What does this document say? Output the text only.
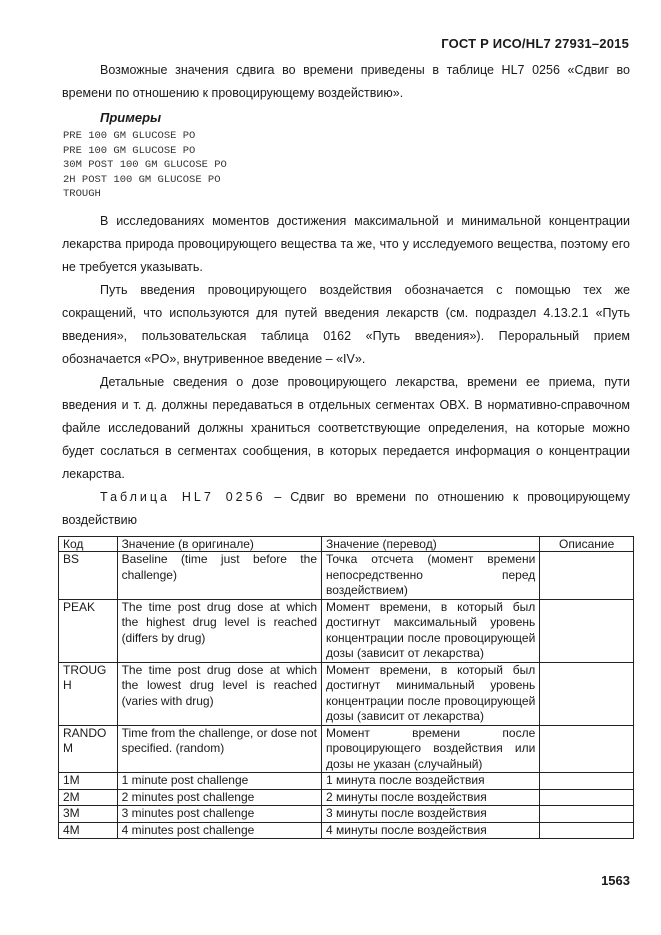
ГОСТ Р ИСО/HL7 27931–2015

Возможные значения сдвига во времени приведены в таблице HL7 0256 «Сдвиг во времени по отношению к провоцирующему воздействию».

Примеры
PRE 100 GM GLUCOSE PO
PRE 100 GM GLUCOSE PO
30M POST 100 GM GLUCOSE PO
2H POST 100 GM GLUCOSE PO
TROUGH

В исследованиях моментов достижения максимальной и минимальной концентрации лекарства природа провоцирующего вещества та же, что у исследуемого вещества, поэтому его не требуется указывать.

Путь введения провоцирующего воздействия обозначается с помощью тех же сокращений, что используются для путей введения лекарств (см. подраздел 4.13.2.1 «Путь введения», пользовательская таблица 0162 «Путь введения»). Пероральный прием обозначается «PO», внутривенное введение – «IV».

Детальные сведения о дозе провоцирующего лекарства, времени ее приема, пути введения и т. д. должны передаваться в отдельных сегментах OBX. В нормативно-справочном файле исследований должны храниться соответствующие определения, на которые можно будет сослаться в сегментах сообщения, в которых передается информация о концентрации лекарства.

Таблица HL7 0256 – Сдвиг во времени по отношению к провоцирующему воздействию

Код	Значение (в оригинале)	Значение (перевод)	Описание
BS	Baseline (time just before the challenge)	Точка отсчета (момент времени непосредственно перед воздействием)	
PEAK	The time post drug dose at which the highest drug level is reached (differs by drug)	Момент времени, в который был достигнут максимальный уровень концентрации после провоцирующей дозы (зависит от лекарства)	
TROUGH	The time post drug dose at which the lowest drug level is reached (varies with drug)	Момент времени, в который был достигнут минимальный уровень концентрации после провоцирующей дозы (зависит от лекарства)	
RANDOM	Time from the challenge, or dose not specified. (random)	Момент времени после провоцирующего воздействия или дозы не указан (случайный)	
1M	1 minute post challenge	1 минута после воздействия	
2M	2 minutes post challenge	2 минуты после воздействия	
3M	3 minutes post challenge	3 минуты после воздействия	
4M	4 minutes post challenge	4 минуты после воздействия	
1563
